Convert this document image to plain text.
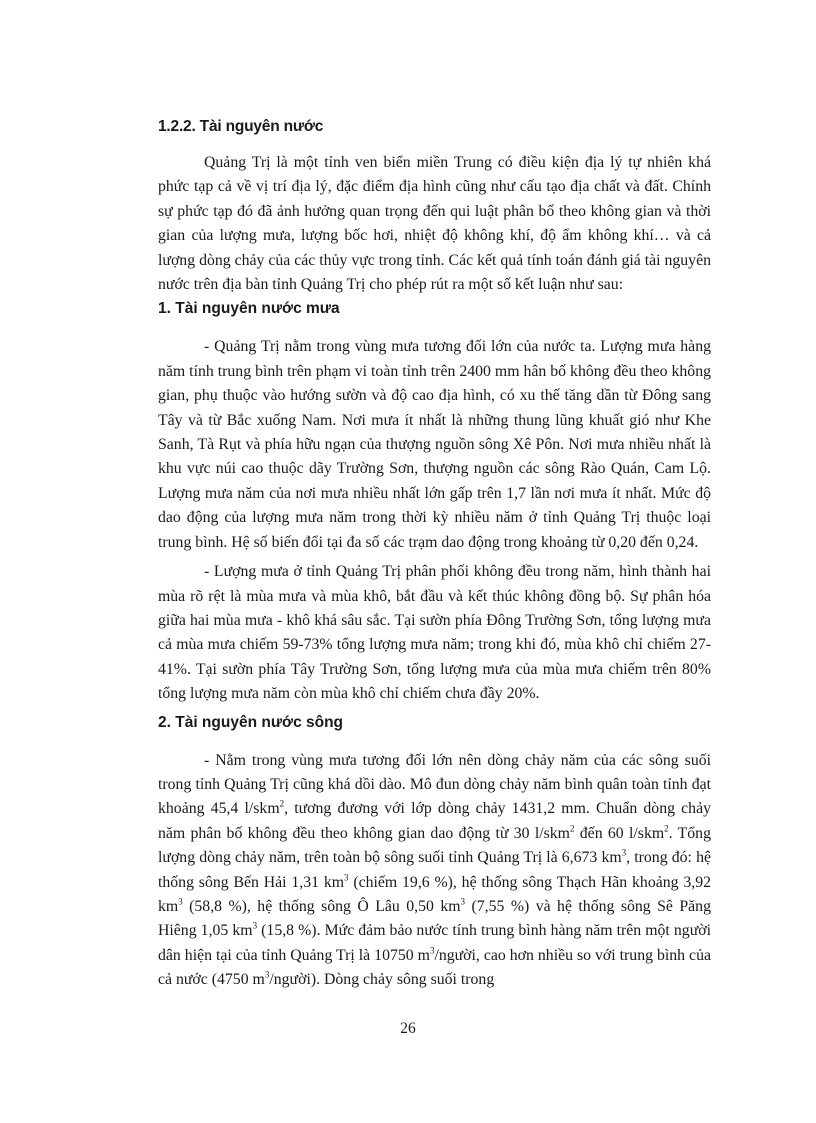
1.2.2. Tài nguyên nước

Quảng Trị là một tỉnh ven biển miền Trung có điều kiện địa lý tự nhiên khá phức tạp cả về vị trí địa lý, đặc điểm địa hình cũng như cấu tạo địa chất và đất. Chính sự phức tạp đó đã ảnh hưởng quan trọng đến qui luật phân bố theo không gian và thời gian của lượng mưa, lượng bốc hơi, nhiệt độ không khí, độ ẩm không khí… và cả lượng dòng chảy của các thủy vực trong tỉnh. Các kết quả tính toán đánh giá tài nguyên nước trên địa bàn tỉnh Quảng Trị cho phép rút ra một số kết luận như sau:

1. Tài nguyên nước mưa

- Quảng Trị nằm trong vùng mưa tương đối lớn của nước ta. Lượng mưa hàng năm tính trung bình trên phạm vi toàn tỉnh trên 2400 mm hân bố không đều theo không gian, phụ thuộc vào hướng sườn và độ cao địa hình, có xu thế tăng dần từ Đông sang Tây và từ Bắc xuống Nam. Nơi mưa ít nhất là những thung lũng khuất gió như Khe Sanh, Tà Rụt và phía hữu ngạn của thượng nguồn sông Xê Pôn. Nơi mưa nhiều nhất là khu vực núi cao thuộc dãy Trường Sơn, thượng nguồn các sông Rào Quán, Cam Lộ. Lượng mưa năm của nơi mưa nhiều nhất lớn gấp trên 1,7 lần nơi mưa ít nhất. Mức độ dao động của lượng mưa năm trong thời kỳ nhiều năm ở tỉnh Quảng Trị thuộc loại trung bình. Hệ số biến đổi tại đa số các trạm dao động trong khoảng từ 0,20 đến 0,24.

- Lượng mưa ở tỉnh Quảng Trị phân phối không đều trong năm, hình thành hai mùa rõ rệt là mùa mưa và mùa khô, bắt đầu và kết thúc không đồng bộ. Sự phân hóa giữa hai mùa mưa - khô khá sâu sắc. Tại sườn phía Đông Trường Sơn, tổng lượng mưa cả mùa mưa chiếm 59-73% tổng lượng mưa năm; trong khi đó, mùa khô chỉ chiếm 27-41%. Tại sườn phía Tây Trường Sơn, tổng lượng mưa của mùa mưa chiếm trên 80% tổng lượng mưa năm còn mùa khô chỉ chiếm chưa đầy 20%.

2. Tài nguyên nước sông

- Nằm trong vùng mưa tương đối lớn nên dòng chảy năm của các sông suối trong tỉnh Quảng Trị cũng khá dồi dào. Mô đun dòng chảy năm bình quân toàn tỉnh đạt khoảng 45,4 l/skm$^2$, tương đương với lớp dòng chảy 1431,2 mm. Chuẩn dòng chảy năm phân bố không đều theo không gian dao động từ 30 l/skm$^2$ đến 60 l/skm$^2$. Tổng lượng dòng chảy năm, trên toàn bộ sông suối tỉnh Quảng Trị là 6,673 $km^3$, trong đó: hệ thống sông Bến Hải 1,31 $km^3$ (chiếm 19,6 %), hệ thống sông Thạch Hãn khoảng 3,92 $km^3$ (58,8 %), hệ thống sông Ô Lâu 0,50 $km^3$ (7,55 %) và hệ thống sông Sê Păng Hiêng 1,05 $km^3$ (15,8 %). Mức đảm bảo nước tính trung bình hàng năm trên một người dân hiện tại của tỉnh Quảng Trị là 10750 $m^3$/người, cao hơn nhiều so với trung bình của cả nước (4750 $m^3/người$). Dòng chảy sông suối trong

26
